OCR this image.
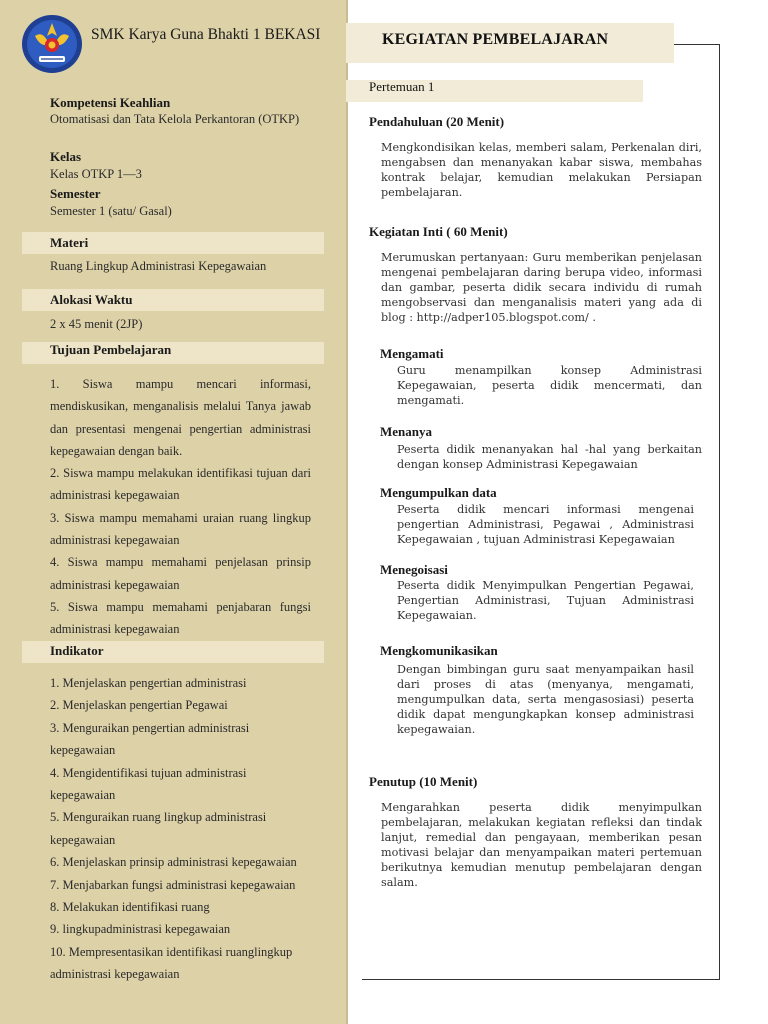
SMK Karya Guna Bhakti 1 BEKASI
Kompetensi Keahlian
Otomatisasi dan Tata Kelola Perkantoran (OTKP)
Kelas
Kelas OTKP 1—3
Semester
Semester 1 (satu/ Gasal)
Materi
Ruang Lingkup Administrasi Kepegawaian
Alokasi Waktu
2 x 45 menit (2JP)
Tujuan Pembelajaran

1. Siswa mampu mencari informasi, mendiskusikan, menganalisis melalui Tanya jawab dan presentasi mengenai pengertian administrasi kepegawaian dengan baik.

2. Siswa mampu melakukan identifikasi tujuan dari administrasi kepegawaian

3. Siswa mampu memahami uraian ruang lingkup administrasi kepegawaian

4. Siswa mampu memahami penjelasan prinsip administrasi kepegawaian

5. Siswa mampu memahami penjabaran fungsi administrasi kepegawaian

Indikator

1. Menjelaskan pengertian administrasi

2. Menjelaskan pengertian Pegawai

3. Menguraikan pengertian administrasi kepegawaian

4. Mengidentifikasi tujuan administrasi kepegawaian

5. Menguraikan ruang lingkup administrasi kepegawaian

6. Menjelaskan prinsip administrasi kepegawaian

7. Menjabarkan fungsi administrasi kepegawaian

8. Melakukan identifikasi ruang

9. lingkupadministrasi kepegawaian

10. Mempresentasikan identifikasi ruanglingkup administrasi kepegawaian

KEGIATAN PEMBELAJARAN
Pertemuan 1
Pendahuluan (20 Menit)
Mengkondisikan kelas, memberi salam, Perkenalan diri, mengabsen dan menanyakan kabar siswa, membahas kontrak belajar, kemudian melakukan Persiapan pembelajaran.
Kegiatan Inti ( 60 Menit)
Merumuskan pertanyaan: Guru memberikan penjelasan mengenai pembelajaran daring berupa video, informasi dan gambar, peserta didik secara individu di rumah mengobservasi dan menganalisis materi yang ada di blog : http://adper105.blogspot.com/ .
Mengamati
Guru menampilkan konsep Administrasi Kepegawaian, peserta didik mencermati, dan mengamati.
Menanya
Peserta didik menanyakan hal -hal yang berkaitan dengan konsep Administrasi Kepegawaian
Mengumpulkan data
Peserta didik mencari informasi mengenai pengertian Administrasi, Pegawai , Administrasi Kepegawaian , tujuan Administrasi Kepegawaian
Menegoisasi
Peserta didik Menyimpulkan Pengertian Pegawai, Pengertian Administrasi, Tujuan Administrasi Kepegawaian.
Mengkomunikasikan
Dengan bimbingan guru saat menyampaikan hasil dari proses di atas (menyanya, mengamati, mengumpulkan data, serta mengasosiasi) peserta didik dapat mengungkapkan konsep administrasi kepegawaian.
Penutup (10 Menit)
Mengarahkan peserta didik menyimpulkan pembelajaran, melakukan kegiatan refleksi dan tindak lanjut, remedial dan pengayaan, memberikan pesan motivasi belajar dan menyampaikan materi pertemuan berikutnya kemudian menutup pembelajaran dengan salam.
